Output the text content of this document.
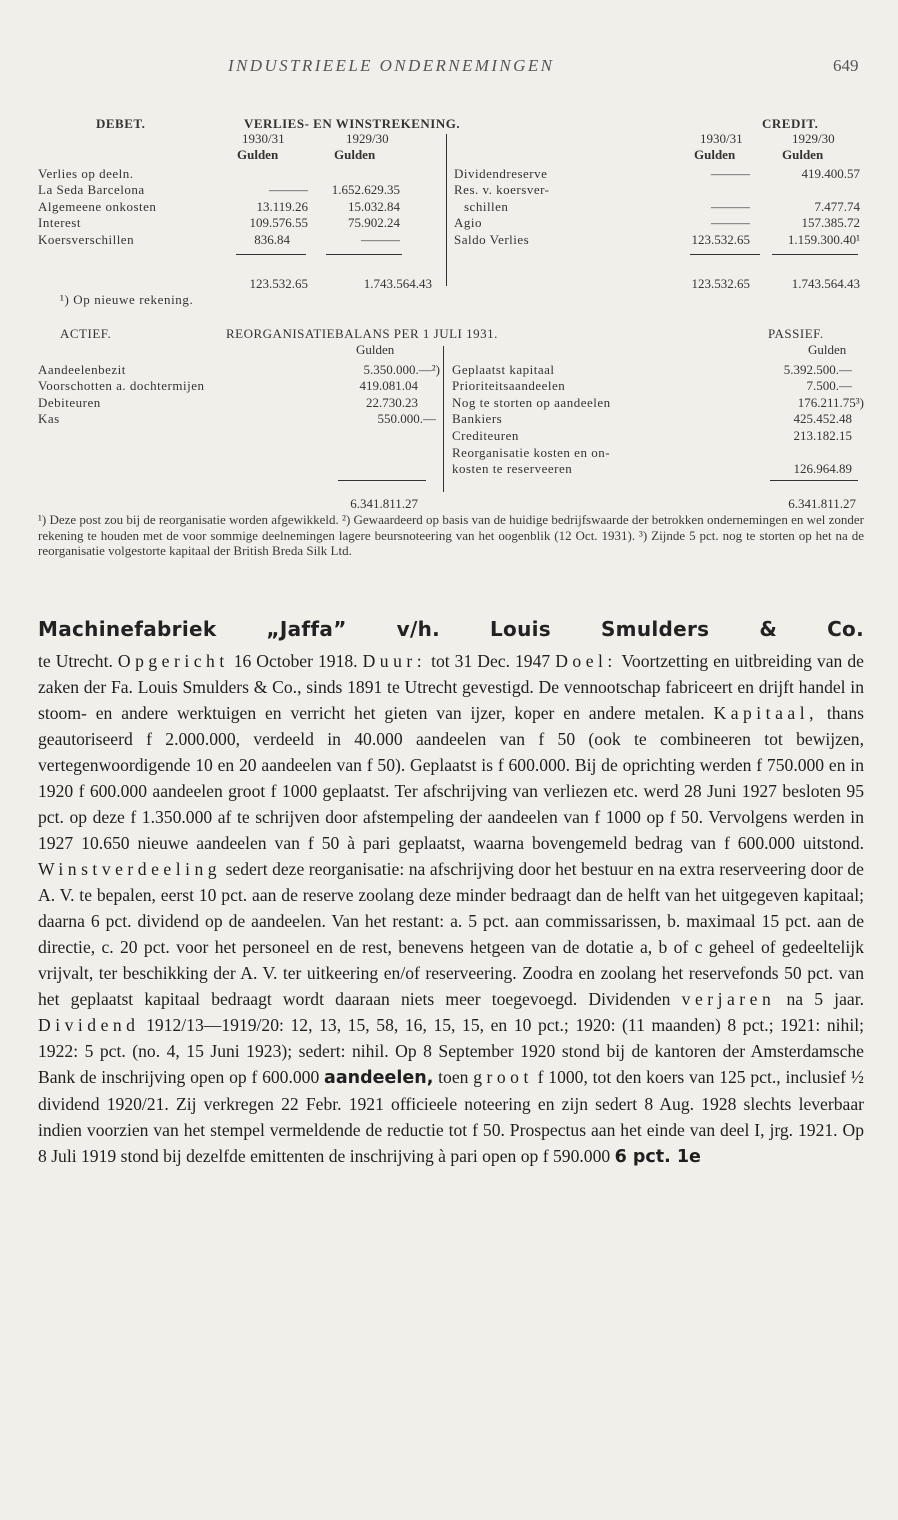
INDUSTRIEELE ONDERNEMINGEN	649
DEBET.	VERLIES- EN WINSTREKENING.	CREDIT.
1930/31	1929/30
Gulden	Gulden
1930/31	1929/30
Gulden	Gulden
Verlies op deeln.
La Seda Barcelona	———	1.652.629.35
Algemeene onkosten	13.119.26	15.032.84
Interest	109.576.55	75.902.24
Koersverschillen	836.84	———
123.532.65	1.743.564.43
Dividendreserve	———	419.400.57
Res. v. koersver-
schillen	———	7.477.74
Agio	———	157.385.72
Saldo Verlies	123.532.65	1.159.300.40¹
123.532.65	1.743.564.43
¹) Op nieuwe rekening.
ACTIEF.	REORGANISATIEBALANS PER 1 JULI 1931.	PASSIEF.
Gulden	Gulden
Aandeelenbezit	5.350.000.—²)
Voorschotten a. dochtermijen	419.081.04
Debiteuren	22.730.23
Kas	550.000.—
6.341.811.27
Geplaatst kapitaal	5.392.500.—
Prioriteitsaandeelen	7.500.—
Nog te storten op aandeelen	176.211.75³)
Bankiers	425.452.48
Crediteuren	213.182.15
Reorganisatie kosten en on-
kosten te reserveeren	126.964.89
6.341.811.27
¹) Deze post zou bij de reorganisatie worden afgewikkeld. ²) Gewaardeerd op basis van de huidige bedrijfswaarde der betrokken ondernemingen en wel zonder rekening te houden met de voor sommige deelnemingen lagere beursnoteering van het oogenblik (12 Oct. 1931). ³) Zijnde 5 pct. nog te storten op het na de reorganisatie volgestorte kapitaal der British Breda Silk Ltd.
Machinefabriek „Jaffa” v/h. Louis Smulders & Co.
te Utrecht. Opgericht 16 October 1918. Duur: tot 31 Dec. 1947 Doel: Voortzetting en uitbreiding van de zaken der Fa. Louis Smulders & Co., sinds 1891 te Utrecht gevestigd. De vennootschap fabriceert en drijft handel in stoom- en andere werktuigen en verricht het gieten van ijzer, koper en andere metalen. Kapitaal, thans geautoriseerd f 2.000.000, verdeeld in 40.000 aandeelen van f 50 (ook te combineeren tot bewijzen, vertegenwoordigende 10 en 20 aandeelen van f 50). Geplaatst is f 600.000. Bij de oprichting werden f 750.000 en in 1920 f 600.000 aandeelen groot f 1000 geplaatst. Ter afschrijving van verliezen etc. werd 28 Juni 1927 besloten 95 pct. op deze f 1.350.000 af te schrijven door afstempeling der aandeelen van f 1000 op f 50. Vervolgens werden in 1927 10.650 nieuwe aandeelen van f 50 à pari geplaatst, waarna bovengemeld bedrag van f 600.000 uitstond. Winstverdeeling sedert deze reorganisatie: na afschrijving door het bestuur en na extra reserveering door de A. V. te bepalen, eerst 10 pct. aan de reserve zoolang deze minder bedraagt dan de helft van het uitgegeven kapitaal; daarna 6 pct. dividend op de aandeelen. Van het restant: a. 5 pct. aan commissarissen, b. maximaal 15 pct. aan de directie, c. 20 pct. voor het personeel en de rest, benevens hetgeen van de dotatie a, b of c geheel of gedeeltelijk vrijvalt, ter beschikking der A. V. ter uitkeering en/of reserveering. Zoodra en zoolang het reservefonds 50 pct. van het geplaatst kapitaal bedraagt wordt daaraan niets meer toegevoegd. Dividenden verjaren na 5 jaar. Dividend 1912/13—1919/20: 12, 13, 15, 58, 16, 15, 15, en 10 pct.; 1920: (11 maanden) 8 pct.; 1921: nihil; 1922: 5 pct. (no. 4, 15 Juni 1923); sedert: nihil. Op 8 September 1920 stond bij de kantoren der Amsterdamsche Bank de inschrijving open op f 600.000 aandeelen, toen groot f 1000, tot den koers van 125 pct., inclusief ½ dividend 1920/21. Zij verkregen 22 Febr. 1921 officieele noteering en zijn sedert 8 Aug. 1928 slechts leverbaar indien voorzien van het stempel vermeldende de reductie tot f 50. Prospectus aan het einde van deel I, jrg. 1921. Op 8 Juli 1919 stond bij dezelfde emittenten de inschrijving à pari open op f 590.000 6 pct. 1e
